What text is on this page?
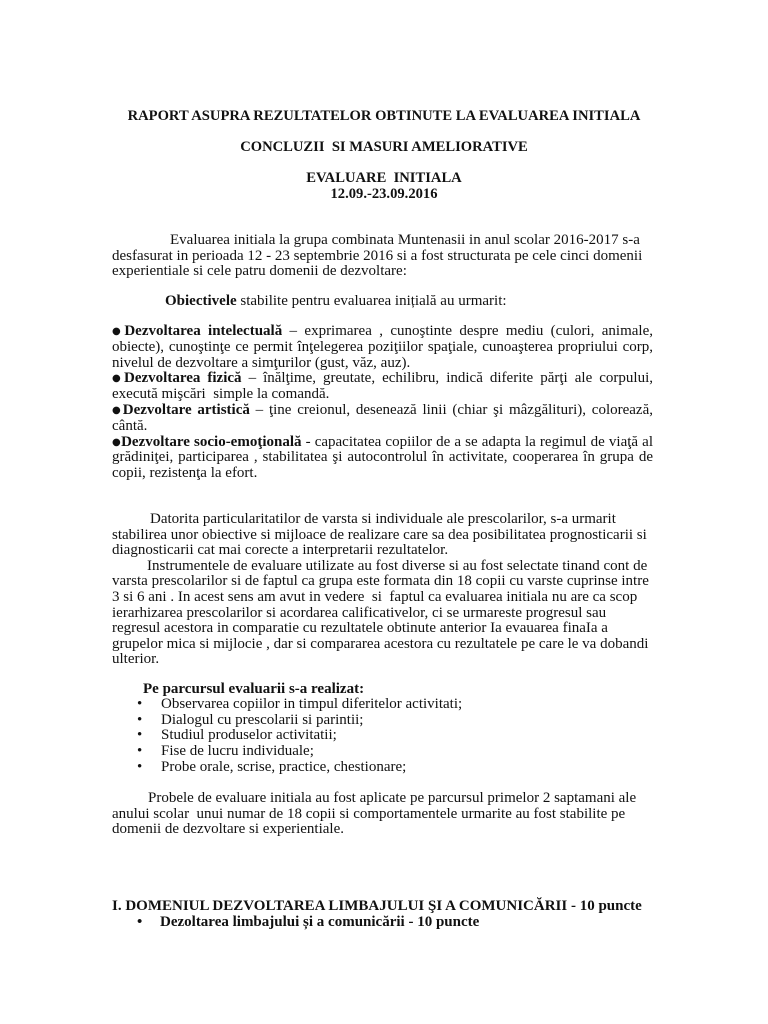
RAPORT ASUPRA REZULTATELOR OBTINUTE LA EVALUAREA INITIALA
CONCLUZII  SI MASURI AMELIORATIVE
EVALUARE  INITIALA
12.09.-23.09.2016
Evaluarea initiala la grupa combinata Muntenasii in anul scolar 2016-2017 s-a
desfasurat in perioada 12 - 23 septembrie 2016 si a fost structurata pe cele cinci domenii
experientiale si cele patru domenii de dezvoltare:
Obiectivele stabilite pentru evaluarea inițială au urmarit:
●Dezvoltarea intelectuală – exprimarea , cunoştinte despre mediu (culori, animale,
obiecte), cunoştinţe ce permit înţelegerea poziţiilor spaţiale, cunoaşterea propriului corp,
nivelul de dezvoltare a simţurilor (gust, văz, auz).
●Dezvoltarea fizică – înălţime, greutate, echilibru, indică diferite părţi ale corpului,
execută mişcări  simple la comandă.
●Dezvoltare artistică – ţine creionul, desenează linii (chiar şi mâzgălituri), colorează,
cântă.
●Dezvoltare socio-emoţională - capacitatea copiilor de a se adapta la regimul de viaţă al
grădiniţei, participarea , stabilitatea şi autocontrolul în activitate, cooperarea în grupa de
copii, rezistenţa la efort.
Datorita particularitatilor de varsta si individuale ale prescolarilor, s-a urmarit
stabilirea unor obiective si mijloace de realizare care sa dea posibilitatea prognosticarii si
diagnosticarii cat mai corecte a interpretarii rezultatelor.
Instrumentele de evaluare utilizate au fost diverse si au fost selectate tinand cont de
varsta prescolarilor si de faptul ca grupa este formata din 18 copii cu varste cuprinse intre
3 si 6 ani . In acest sens am avut in vedere  si  faptul ca evaluarea initiala nu are ca scop
ierarhizarea prescolarilor si acordarea calificativelor, ci se urmareste progresul sau
regresul acestora in comparatie cu rezultatele obtinute anterior Ia evauarea finaIa a
grupelor mica si mijlocie , dar si compararea acestora cu rezultatele pe care le va dobandi
ulterior.
Pe parcursul evaluarii s-a realizat:
• Observarea copiilor in timpul diferitelor activitati;
• Dialogul cu prescolarii si parintii;
• Studiul produselor activitatii;
• Fise de lucru individuale;
• Probe orale, scrise, practice, chestionare;
Probele de evaluare initiala au fost aplicate pe parcursul primelor 2 saptamani ale
anului scolar  unui numar de 18 copii si comportamentele urmarite au fost stabilite pe
domenii de dezvoltare si experientiale.
I. DOMENIUL DEZVOLTAREA LIMBAJULUI ŞI A COMUNICĂRII - 10 puncte
• Dezoltarea limbajului și a comunicării - 10 puncte
